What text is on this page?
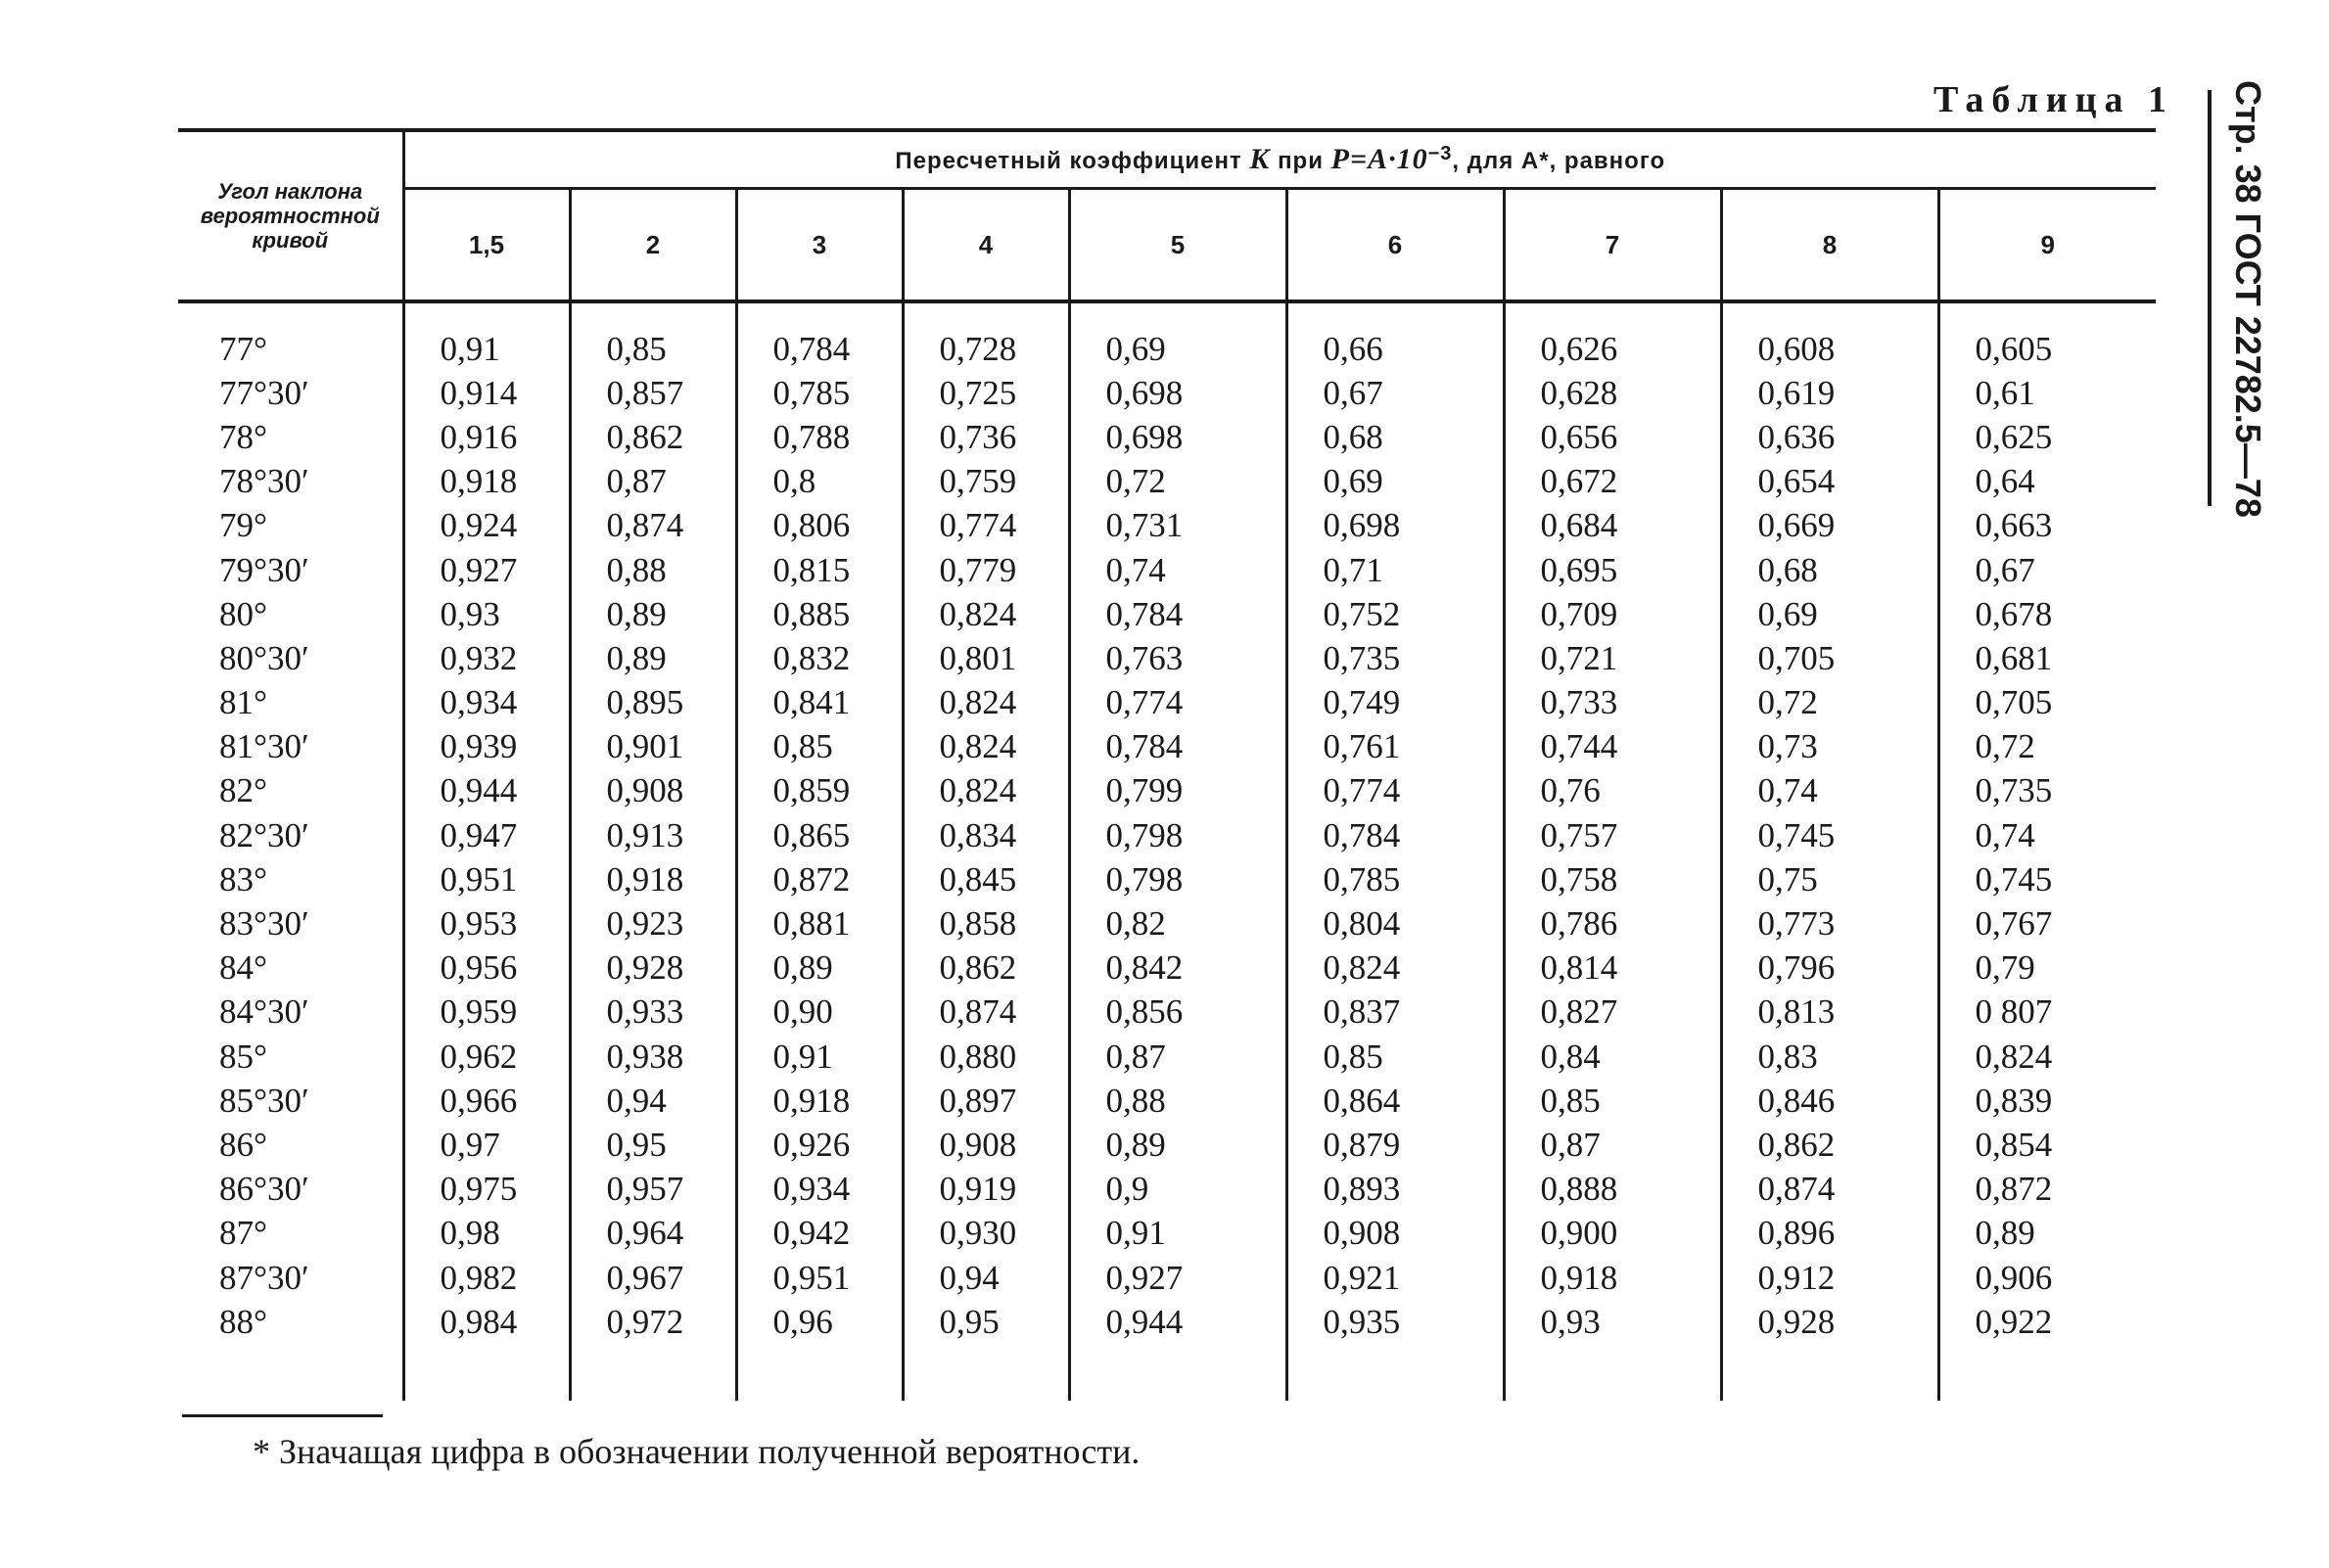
Таблица 1 Стр. 38 ГОСТ 22782.5—78
Угол наклона
вероятностной
кривой	Пересчетный коэффициент K при $P=A\cdot 10^{-3}$, для A*, равного								
	1,5	2	3	4	5	6	7	8	9

77°	0,91	0,85	0,784	0,728	0,69	0,66	0,626	0,608	0,605
77°30′	0,914	0,857	0,785	0,725	0,698	0,67	0,628	0,619	0,61
78°	0,916	0,862	0,788	0,736	0,698	0,68	0,656	0,636	0,625
78°30′	0,918	0,87	0,8	0,759	0,72	0,69	0,672	0,654	0,64
79°	0,924	0,874	0,806	0,774	0,731	0,698	0,684	0,669	0,663
79°30′	0,927	0,88	0,815	0,779	0,74	0,71	0,695	0,68	0,67
80°	0,93	0,89	0,885	0,824	0,784	0,752	0,709	0,69	0,678
80°30′	0,932	0,89	0,832	0,801	0,763	0,735	0,721	0,705	0,681
81°	0,934	0,895	0,841	0,824	0,774	0,749	0,733	0,72	0,705
81°30′	0,939	0,901	0,85	0,824	0,784	0,761	0,744	0,73	0,72
82°	0,944	0,908	0,859	0,824	0,799	0,774	0,76	0,74	0,735
82°30′	0,947	0,913	0,865	0,834	0,798	0,784	0,757	0,745	0,74
83°	0,951	0,918	0,872	0,845	0,798	0,785	0,758	0,75	0,745
83°30′	0,953	0,923	0,881	0,858	0,82	0,804	0,786	0,773	0,767
84°	0,956	0,928	0,89	0,862	0,842	0,824	0,814	0,796	0,79
84°30′	0,959	0,933	0,90	0,874	0,856	0,837	0,827	0,813	0 807
85°	0,962	0,938	0,91	0,880	0,87	0,85	0,84	0,83	0,824
85°30′	0,966	0,94	0,918	0,897	0,88	0,864	0,85	0,846	0,839
86°	0,97	0,95	0,926	0,908	0,89	0,879	0,87	0,862	0,854
86°30′	0,975	0,957	0,934	0,919	0,9	0,893	0,888	0,874	0,872
87°	0,98	0,964	0,942	0,930	0,91	0,908	0,900	0,896	0,89
87°30′	0,982	0,967	0,951	0,94	0,927	0,921	0,918	0,912	0,906
88°	0,984	0,972	0,96	0,95	0,944	0,935	0,93	0,928	0,922

* Значащая цифра в обозначении полученной вероятности.
